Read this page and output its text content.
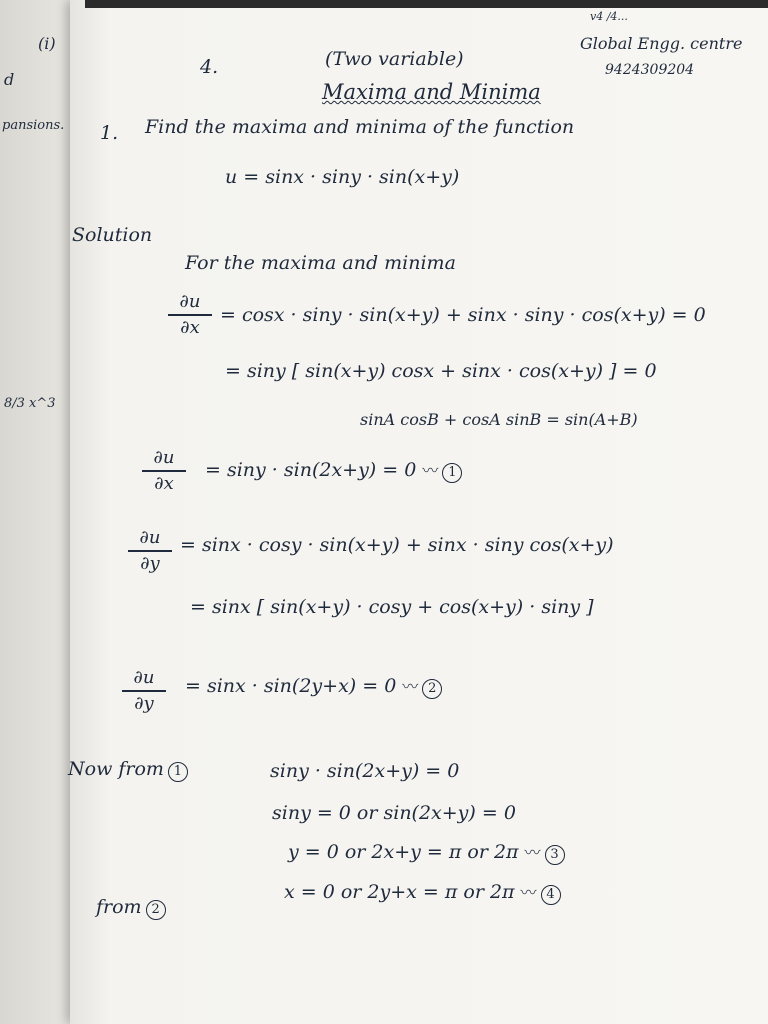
(i)
d
pansions.
8/3 x^3
v4 /4...
4.	(Two variable)
Maxima and Minima
Global Engg. centre
9424309204
1. Find the maxima and minima of the function
u = sinx · siny · sin(x+y)
Solution
For the maxima and minima
∂u
∂x
= cosx · siny · sin(x+y) + sinx · siny · cos(x+y) = 0
= siny [ sin(x+y) cosx + sinx · cos(x+y) ] = 0
sinA cosB + cosA sinB = sin(A+B)
∂u
∂x
= siny · sin(2x+y) = 0 〰 1
∂u
∂y
= sinx · cosy · sin(x+y) + sinx · siny cos(x+y)
= sinx [ sin(x+y) · cosy + cos(x+y) · siny ]
∂u
∂y
= sinx · sin(2y+x) = 0 〰 2
Now from 1	siny · sin(2x+y) = 0
siny = 0 or sin(2x+y) = 0
y = 0 or 2x+y = π or 2π 〰 3
from 2
x = 0 or 2y+x = π or 2π 〰 4
